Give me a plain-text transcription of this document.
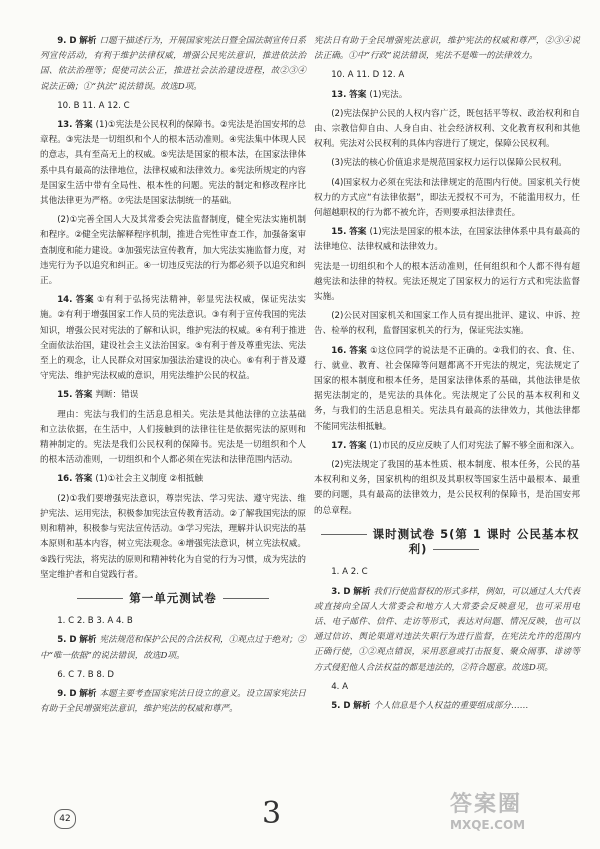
9. D 解析 口题干描述行为，开展国家宪法日暨全国法制宣传日系列宣传活动，有利于维护法律权威，增强公民宪法意识，推进依法治国、依法治理等；促使司法公正，推进社会法治建设进程，故②③④说法正确；①“执法”说法错误。故选D项。
10. B 11. A 12. C
13. 答案 (1)①宪法是公民权利的保障书。②宪法是治国安邦的总章程。③宪法是一切组织和个人的根本活动准则。④宪法集中体现人民的意志，具有至高无上的权威。⑤宪法是国家的根本法，在国家法律体系中具有最高的法律地位，法律权威和法律效力。⑥宪法所规定的内容是国家生活中带有全局性、根本性的问题。宪法的制定和修改程序比其他法律更为严格。⑦宪法是国家法制统一的基础。
(2)①完善全国人大及其常委会宪法监督制度，健全宪法实施机制和程序。②健全宪法解释程序机制，推进合宪性审查工作，加强备案审查制度和能力建设。③加强宪法宣传教育，加大宪法实施监督力度，对违宪行为予以追究和纠正。④一切违反宪法的行为都必须予以追究和纠正。
14. 答案 ①有利于弘扬宪法精神，彰显宪法权威，保证宪法实施。②有利于增强国家工作人员的宪法意识。③有利于宣传我国的宪法知识，增强公民对宪法的了解和认识，维护宪法的权威。④有利于推进全面依法治国，建设社会主义法治国家。⑤有利于普及尊重宪法、宪法至上的观念，让人民群众对国家加强法治建设的决心。⑥有利于普及遵守宪法、维护宪法权威的意识，用宪法维护公民的权益。
15. 答案 判断：错误
理由：宪法与我们的生活息息相关。宪法是其他法律的立法基础和立法依据，在生活中，人们接触到的法律往往是依据宪法的原则和精神制定的。宪法是我们公民权利的保障书。宪法是一切组织和个人的根本活动准则，一切组织和个人都必须在宪法和法律范围内活动。
16. 答案 (1)①社会主义制度 ②相抵触
(2)①我们要增强宪法意识，尊崇宪法、学习宪法、遵守宪法、维护宪法、运用宪法，积极参加宪法宣传教育活动。②了解我国宪法的原则和精神，积极参与宪法宣传活动。③学习宪法，理解并认识宪法的基本原则和基本内容，树立宪法观念。④增强宪法意识，树立宪法权威。⑤践行宪法，将宪法的原则和精神转化为自觉的行为习惯，成为宪法的坚定维护者和自觉践行者。
第一单元测试卷
1. C 2. B 3. A 4. B
5. D 解析 宪法规范和保护公民的合法权利，①观点过于绝对；②中“唯一依据”的说法错误，故选D项。
6. C 7. B 8. D
9. D 解析 本题主要考查国家宪法日设立的意义。设立国家宪法日有助于全民增强宪法意识，维护宪法的权威和尊严。
宪法日有助于全民增强宪法意识，维护宪法的权威和尊严，②③④说法正确。①中“行政”说法错误，宪法不是唯一的法律效力。
10. A 11. D 12. A
13. 答案 (1)宪法。
(2)宪法保护公民的人权内容广泛，既包括平等权、政治权利和自由、宗教信仰自由、人身自由、社会经济权利、文化教育权利和其他权利。宪法对公民权利的具体内容进行了规定，保障公民权利。
(3)宪法的核心价值追求是规范国家权力运行以保障公民权利。
(4)国家权力必须在宪法和法律规定的范围内行使。国家机关行使权力的方式应“有法律依据”，即法无授权不可为，不能滥用权力，任何超越职权的行为都不被允许，否则要承担法律责任。
15. 答案 (1)宪法是国家的根本法，在国家法律体系中具有最高的法律地位、法律权威和法律效力。
宪法是一切组织和个人的根本活动准则，任何组织和个人都不得有超越宪法和法律的特权。宪法还规定了国家权力的运行方式和宪法监督实施。
(2)公民对国家机关和国家工作人员有提出批评、建议、申诉、控告、检举的权利，监督国家机关的行为，保证宪法实施。
16. 答案 ①这位同学的说法是不正确的。②我们的衣、食、住、行、就业、教育、社会保障等问题都离不开宪法的规定，宪法规定了国家的根本制度和根本任务，是国家法律体系的基础，其他法律是依据宪法制定的，是宪法的具体化。宪法规定了公民的基本权利和义务，与我们的生活息息相关。宪法具有最高的法律效力，其他法律都不能同宪法相抵触。
17. 答案 (1)市民的反应反映了人们对宪法了解不够全面和深入。
(2)宪法规定了我国的基本性质、根本制度、根本任务，公民的基本权利和义务，国家机构的组织及其职权等国家生活中最根本、最重要的问题，具有最高的法律效力，是公民权利的保障书，是治国安邦的总章程。
课时测试卷 5(第 1 课时 公民基本权利)
1. A 2. C
3. D 解析 我们行使监督权的形式多样，例如，可以通过人大代表或直接向全国人大常委会和地方人大常委会反映意见，也可采用电话、电子邮件、信件、走访等形式，表达对问题、情况反映，也可以通过信访、舆论渠道对违法失职行为进行监督，在宪法允许的范围内正确行使，①②观点错误，采用恶意或打击报复、聚众闹事、诽谤等方式侵犯他人合法权益的都是违法的，②符合题意。故选D项。
4. A
5. D 解析 个人信息是个人权益的重要组成部分……
42	3	答案圈
MXQE.COM
